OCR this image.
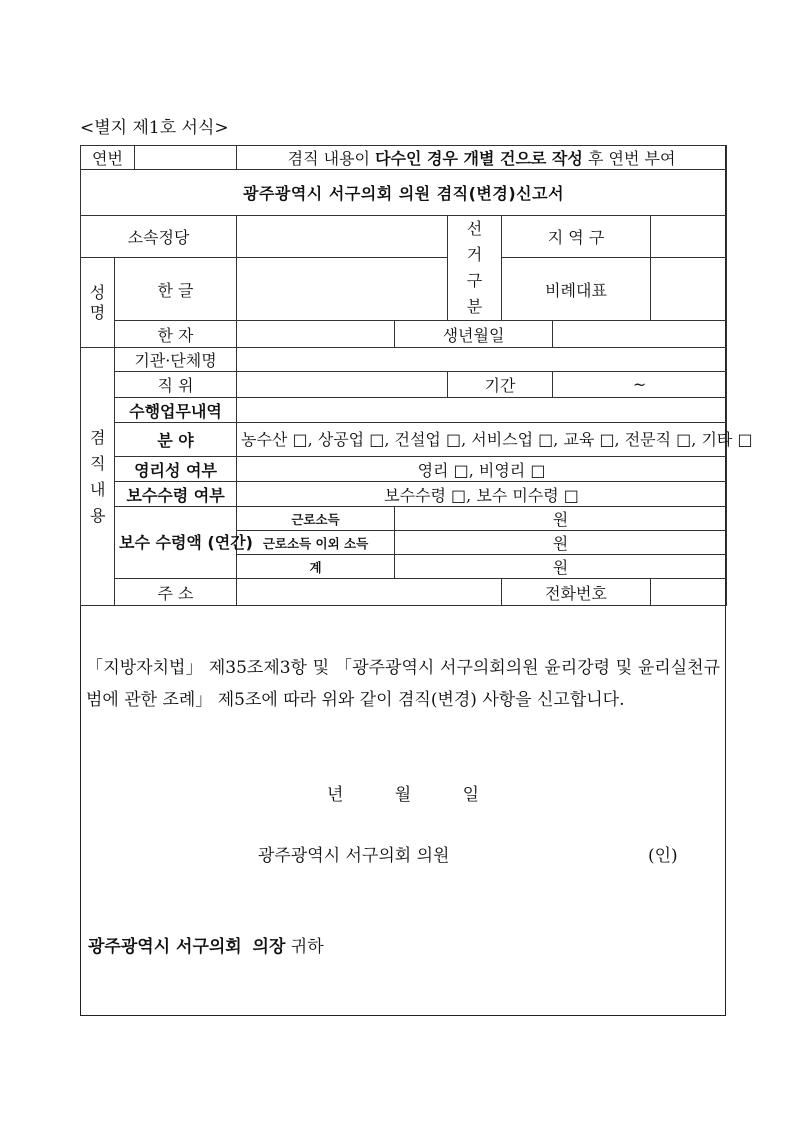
<별지 제1호 서식>
연번			겸직 내용이 다수인 경우 개별 건으로 작성 후 연번 부여					
광주광역시 서구의회 의원 겸직(변경)신고서								
소속정당					선거구분	지 역 구		
성명	한 글					비례대표		
	한 자			생년월일				
겸직내용	기관·단체명							
	직 위				기간		~	
	수행업무내역							
	분 야		농수산 □, 상공업 □, 건설업 □, 서비스업 □, 교육 □, 전문직 □, 기타 □					
	영리성 여부		영리 □, 비영리 □					
	보수수령 여부		보수수령 □, 보수 미수령 □					
	보수 수령액 (연간)		근로소득	원				
			근로소득 이외 소득	원				
			계	원				
	주 소					전화번호		
「지방자치법」 제35조제3항 및 「광주광역시 서구의회의원 윤리강령 및 윤리실천규범에 관한 조례」 제5조에 따라 위와 같이 겸직(변경) 사항을 신고합니다.
년 월 일
광주광역시 서구의회 의원	(인)
광주광역시 서구의회 의장 귀하
